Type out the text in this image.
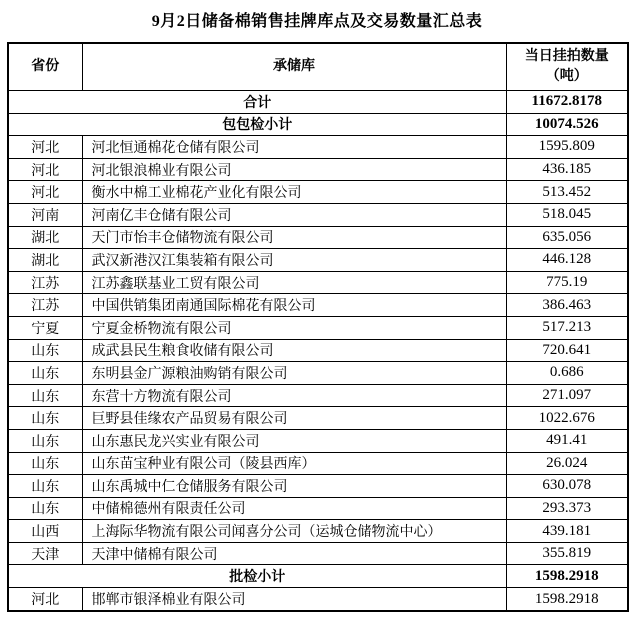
9月2日储备棉销售挂牌库点及交易数量汇总表
省份	承储库	当日挂拍数量
（吨）

合计		11672.8178
包包检小计		10074.526
河北	河北恒通棉花仓储有限公司	1595.809
河北	河北银浪棉业有限公司	436.185
河北	衡水中棉工业棉花产业化有限公司	513.452
河南	河南亿丰仓储有限公司	518.045
湖北	天门市怡丰仓储物流有限公司	635.056
湖北	武汉新港汉江集装箱有限公司	446.128
江苏	江苏鑫联基业工贸有限公司	775.19
江苏	中国供销集团南通国际棉花有限公司	386.463
宁夏	宁夏金桥物流有限公司	517.213
山东	成武县民生粮食收储有限公司	720.641
山东	东明县金广源粮油购销有限公司	0.686
山东	东营十方物流有限公司	271.097
山东	巨野县佳缘农产品贸易有限公司	1022.676
山东	山东惠民龙兴实业有限公司	491.41
山东	山东苗宝种业有限公司（陵县西库）	26.024
山东	山东禹城中仁仓储服务有限公司	630.078
山东	中储棉德州有限责任公司	293.373
山西	上海际华物流有限公司闻喜分公司（运城仓储物流中心）	439.181
天津	天津中储棉有限公司	355.819
批检小计		1598.2918
河北	邯郸市银泽棉业有限公司	1598.2918
